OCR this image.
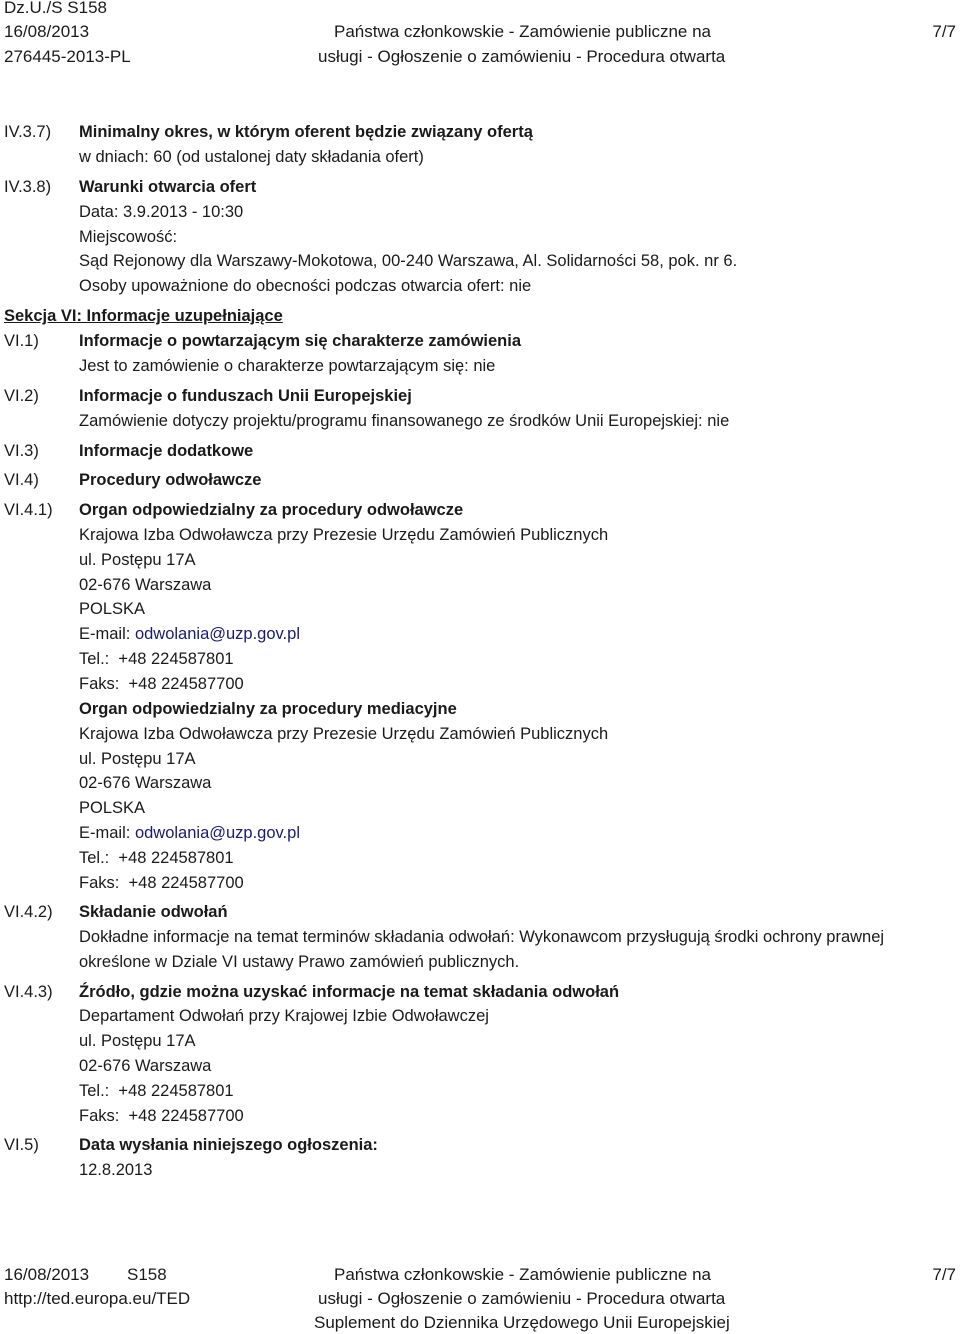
Dz.U./S S158
16/08/2013
276445-2013-PL
Państwa członkowskie - Zamówienie publiczne na
usługi - Ogłoszenie o zamówieniu - Procedura otwarta
7/7
IV.3.7) Minimalny okres, w którym oferent będzie związany ofertą
w dniach: 60 (od ustalonej daty składania ofert)
IV.3.8) Warunki otwarcia ofert
Data: 3.9.2013 - 10:30
Miejscowość:
Sąd Rejonowy dla Warszawy-Mokotowa, 00-240 Warszawa, Al. Solidarności 58, pok. nr 6.
Osoby upoważnione do obecności podczas otwarcia ofert: nie
Sekcja VI: Informacje uzupełniające
VI.1) Informacje o powtarzającym się charakterze zamówienia
Jest to zamówienie o charakterze powtarzającym się: nie
VI.2) Informacje o funduszach Unii Europejskiej
Zamówienie dotyczy projektu/programu finansowanego ze środków Unii Europejskiej: nie
VI.3) Informacje dodatkowe
VI.4) Procedury odwoławcze
VI.4.1) Organ odpowiedzialny za procedury odwoławcze
Krajowa Izba Odwoławcza przy Prezesie Urzędu Zamówień Publicznych
ul. Postępu 17A
02-676 Warszawa
POLSKA
E-mail: odwolania@uzp.gov.pl
Tel.:  +48 224587801
Faks:  +48 224587700
Organ odpowiedzialny za procedury mediacyjne
Krajowa Izba Odwoławcza przy Prezesie Urzędu Zamówień Publicznych
ul. Postępu 17A
02-676 Warszawa
POLSKA
E-mail: odwolania@uzp.gov.pl
Tel.:  +48 224587801
Faks:  +48 224587700
VI.4.2) Składanie odwołań
Dokładne informacje na temat terminów składania odwołań: Wykonawcom przysługują środki ochrony prawnej
określone w Dziale VI ustawy Prawo zamówień publicznych.
VI.4.3) Źródło, gdzie można uzyskać informacje na temat składania odwołań
Departament Odwołań przy Krajowej Izbie Odwoławczej
ul. Postępu 17A
02-676 Warszawa
Tel.:  +48 224587801
Faks:  +48 224587700
VI.5) Data wysłania niniejszego ogłoszenia:
12.8.2013
16/08/2013 S158
http://ted.europa.eu/TED
Państwa członkowskie - Zamówienie publiczne na
usługi - Ogłoszenie o zamówieniu - Procedura otwarta
Suplement do Dziennika Urzędowego Unii Europejskiej
7/7
